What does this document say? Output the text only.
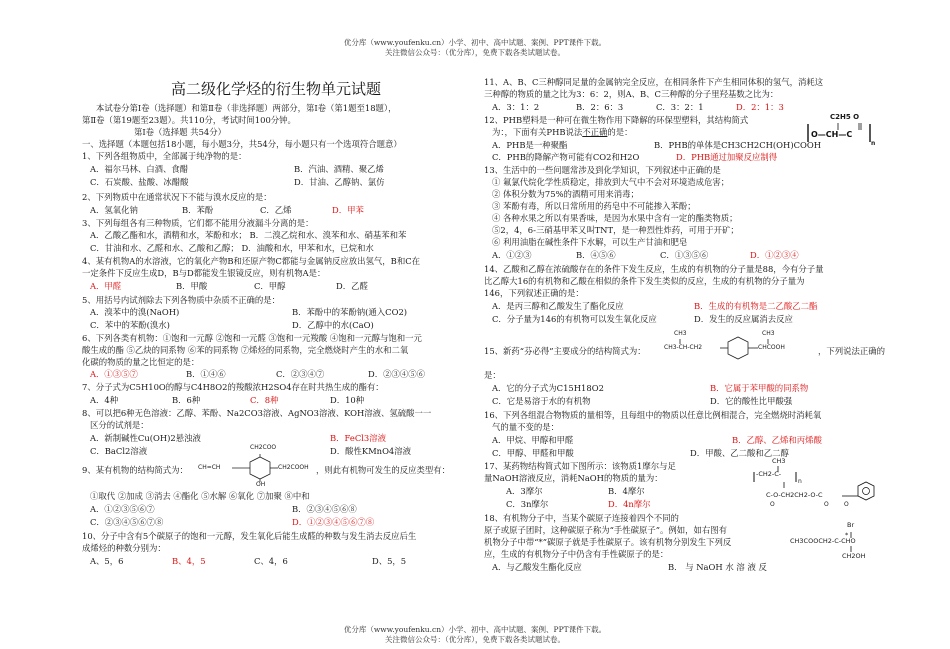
优分库（www.youfenku.cn）小学、初中、高中试题、案例、PPT课件下载。
关注微信公众号：（优分库），免费下载各类试题试卷。
高二级化学烃的衍生物单元试题
本试卷分第Ⅰ卷（选择题）和第Ⅱ卷（非选择题）两部分，第Ⅰ卷（第1题至18题），
第Ⅱ卷（第19题至23题）。共110分，考试时间100分钟。
第Ⅰ卷（选择题 共54分）
一、选择题（本题包括18小题，每小题3分，共54分，每小题只有一个选项符合题意）
1、下列各组物质中，全部属于纯净物的是：
A．福尔马林、白酒、食醋	B．汽油、酒精、聚乙烯
C．石炭酸、盐酸、冰醋酸	D．甘油、乙醇钠、氯仿
2、下列物质中在通常状况下不能与溴水反应的是：
A．氢氧化钠	B．苯酚	C．乙烯	D．甲苯
3、下列每组各有三种物质，它们都不能用分液漏斗分离的是：
A．乙酸乙酯和水，酒精和水，苯酚和水； B．二溴乙烷和水、溴苯和水、硝基苯和苯
C．甘油和水、乙醛和水、乙酸和乙醇； D．油酸和水，甲苯和水，已烷和水
4、某有机物A的水溶液，它的氧化产物B和还原产物C都能与金属钠反应放出氢气，B和C在
一定条件下反应生成D，B与D都能发生银镜反应，则有机物A是：
A．甲醛	B．甲酸	C．甲醇	D．乙醛
5、用括号内试剂除去下列各物质中杂质不正确的是：
A．溴苯中的溴(NaOH)	B．苯酚中的苯酚钠(通入CO2)
C．苯中的苯酚(溴水)	D．乙醇中的水(CaO)
6、下列各类有机物：①饱和一元醇 ②饱和一元醛 ③饱和一元羧酸 ④饱和一元醇与饱和一元
酸生成的酯 ⑤乙炔的同系物 ⑥苯的同系物 ⑦烯烃的同系物，完全燃烧时产生的水和二氧
化碳的物质的量之比恒定的是：
A．①③⑤⑦	B．①④⑥	C．②③④⑦	D．②③④⑤⑥
7、分子式为C5H10O的醇与C4H8O2的羧酸浓H2SO4存在时共热生成的酯有：
A．4种	B．6种	C．8种	D．10种
8、可以把6种无色溶液：乙醇、苯酚、Na2CO3溶液、AgNO3溶液、KOH溶液、氢硫酸一一
区分的试剂是：
A．新制碱性Cu(OH)2悬浊液	B．FeCl3溶液
C．BaCl2溶液	D．酸性KMnO4溶液
9、某有机物的结构简式为：
CH2COO
CH=CH	CH2COOH
OH
，则此有机物可发生的反应类型有：
①取代 ②加成 ③消去 ④酯化 ⑤水解 ⑥氧化 ⑦加聚 ⑧中和
A．①②③⑤⑥⑦	B．②③④⑤⑥⑧
C．②③④⑤⑥⑦⑧	D．①②③④⑤⑥⑦⑧
10、分子中含有5个碳原子的饱和一元醇，发生氧化后能生成醛的种数与发生消去反应后生
成烯烃的种数分别为：
A、5，6	B、4，5	C、4，6	D、5，5
11、A、B、C三种醇同足量的金属钠完全反应，在相同条件下产生相同体积的氢气，消耗这
三种醇的物质的量之比为3：6：2，则A、B、C三种醇的分子里羟基数之比为：
A．3：1：2	B．2：6：3	C．3：2：1	D．2：1：3
12、PHB塑料是一种可在微生物作用下降解的环保型塑料，其结构简式
为：，下面有关PHB说法不正确的是：	O—CH—C
C2H5 O
n
A．PHB是一种聚酯	B．PHB的单体是CH3CH2CH(OH)COOH
C．PHB的降解产物可能有CO2和H2O	D．PHB通过加聚反应制得
13、生活中的一些问题常涉及到化学知识，下列叙述中正确的是
① 氟氯代烷化学性质稳定，排放到大气中不会对环境造成危害；
② 体积分数为75%的酒精可用来消毒；
③ 苯酚有毒，所以日常所用的药皂中不可能掺入苯酚；
④ 各种水果之所以有果香味，是因为水果中含有一定的酯类物质；
⑤2，4，6-三硝基甲苯又叫TNT，是一种烈性炸药，可用于开矿；
⑥ 利用油脂在碱性条件下水解，可以生产甘油和肥皂
A．①②③	B．④⑤⑥	C．①③⑤⑥	D．①②③④
14、乙酸和乙醇在浓硫酸存在的条件下发生反应，生成的有机物的分子量是88，今有分子量
比乙醇大16的有机物和乙酸在相似的条件下发生类似的反应，生成的有机物的分子量为
146，下列叙述正确的是：
A．是丙三醇和乙酸发生了酯化反应	B．生成的有机物是二乙酸乙二酯
C．分子量为146的有机物可以发生氧化反应	D．发生的反应属消去反应
15、新药“芬必得”主要成分的结构简式为：
CH3
CH3-CH-CH2
CH3
CHCOOH	，下列说法正确的
是：
A．它的分子式为C15H18O2	B．它属于苯甲酸的同系物
C．它是易溶于水的有机物	D．它的酸性比甲酸强
16、下列各组混合物物质的量相等，且每组中的物质以任意比例相混合，完全燃烧时消耗氧
气的量不变的是：
A．甲烷、甲醇和甲醛	B．乙醇、乙烯和丙烯酸
C．甲醇、甲醛和甲酸	D．甲酸、乙二酸和乙二醇
17、某药物结构简式如下图所示：该物质1摩尔与足
量NaOH溶液反应，消耗NaOH的物质的量为：
A．3摩尔	B．4摩尔
C．3n摩尔	D．4n摩尔
CH3
-CH2-C-
n
C-O-CH2CH2-O-C
O	O	O
18、有机物分子中，当某个碳原子连接着四个不同的
原子或原子团时，这种碳原子称为“手性碳原子”。例如，如右图有
机物分子中带“*”碳原子就是手性碳原子。该有机物分别发生下列反
应，生成的有机物分子中仍含有手性碳原子的是：
A．与乙酸发生酯化反应	B． 与 NaOH 水 溶 液 反
Br
CH3COOCH2-C-CHO
*
CH2OH
优分库（www.youfenku.cn）小学、初中、高中试题、案例、PPT课件下载。
关注微信公众号：（优分库），免费下载各类试题试卷。
